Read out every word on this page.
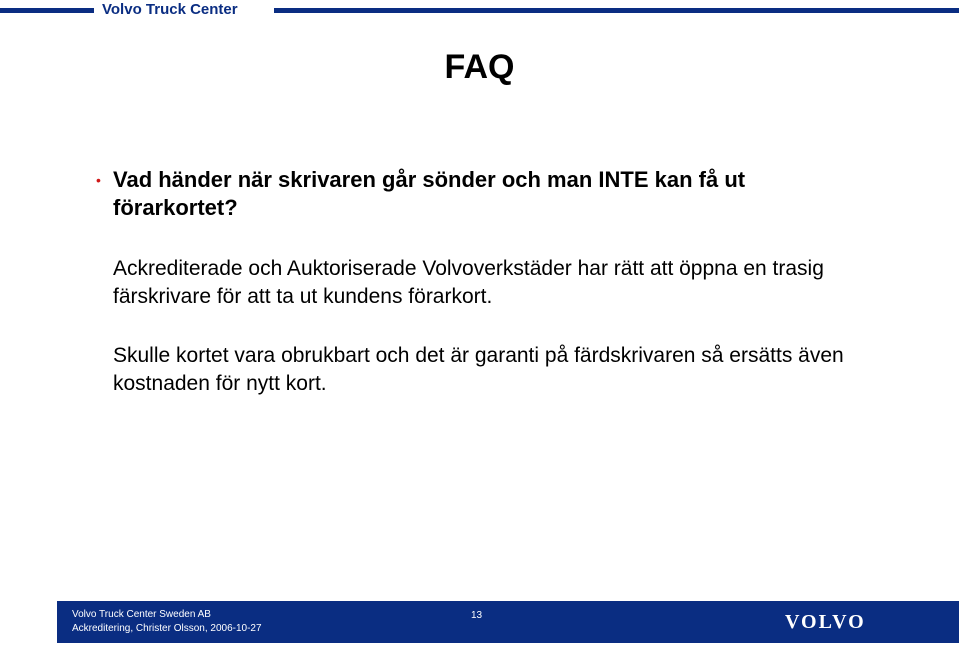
Volvo Truck Center
FAQ
• Vad händer när skrivaren går sönder och man INTE kan få ut förarkortet?
Ackrediterade och Auktoriserade Volvoverkstäder har rätt att öppna en trasig färskrivare för att ta ut kundens förarkort.
Skulle kortet vara obrukbart och det är garanti på färdskrivaren så ersätts även kostnaden för nytt kort.
Volvo Truck Center Sweden AB
Ackreditering, Christer Olsson, 2006-10-27
13	VOLVO
